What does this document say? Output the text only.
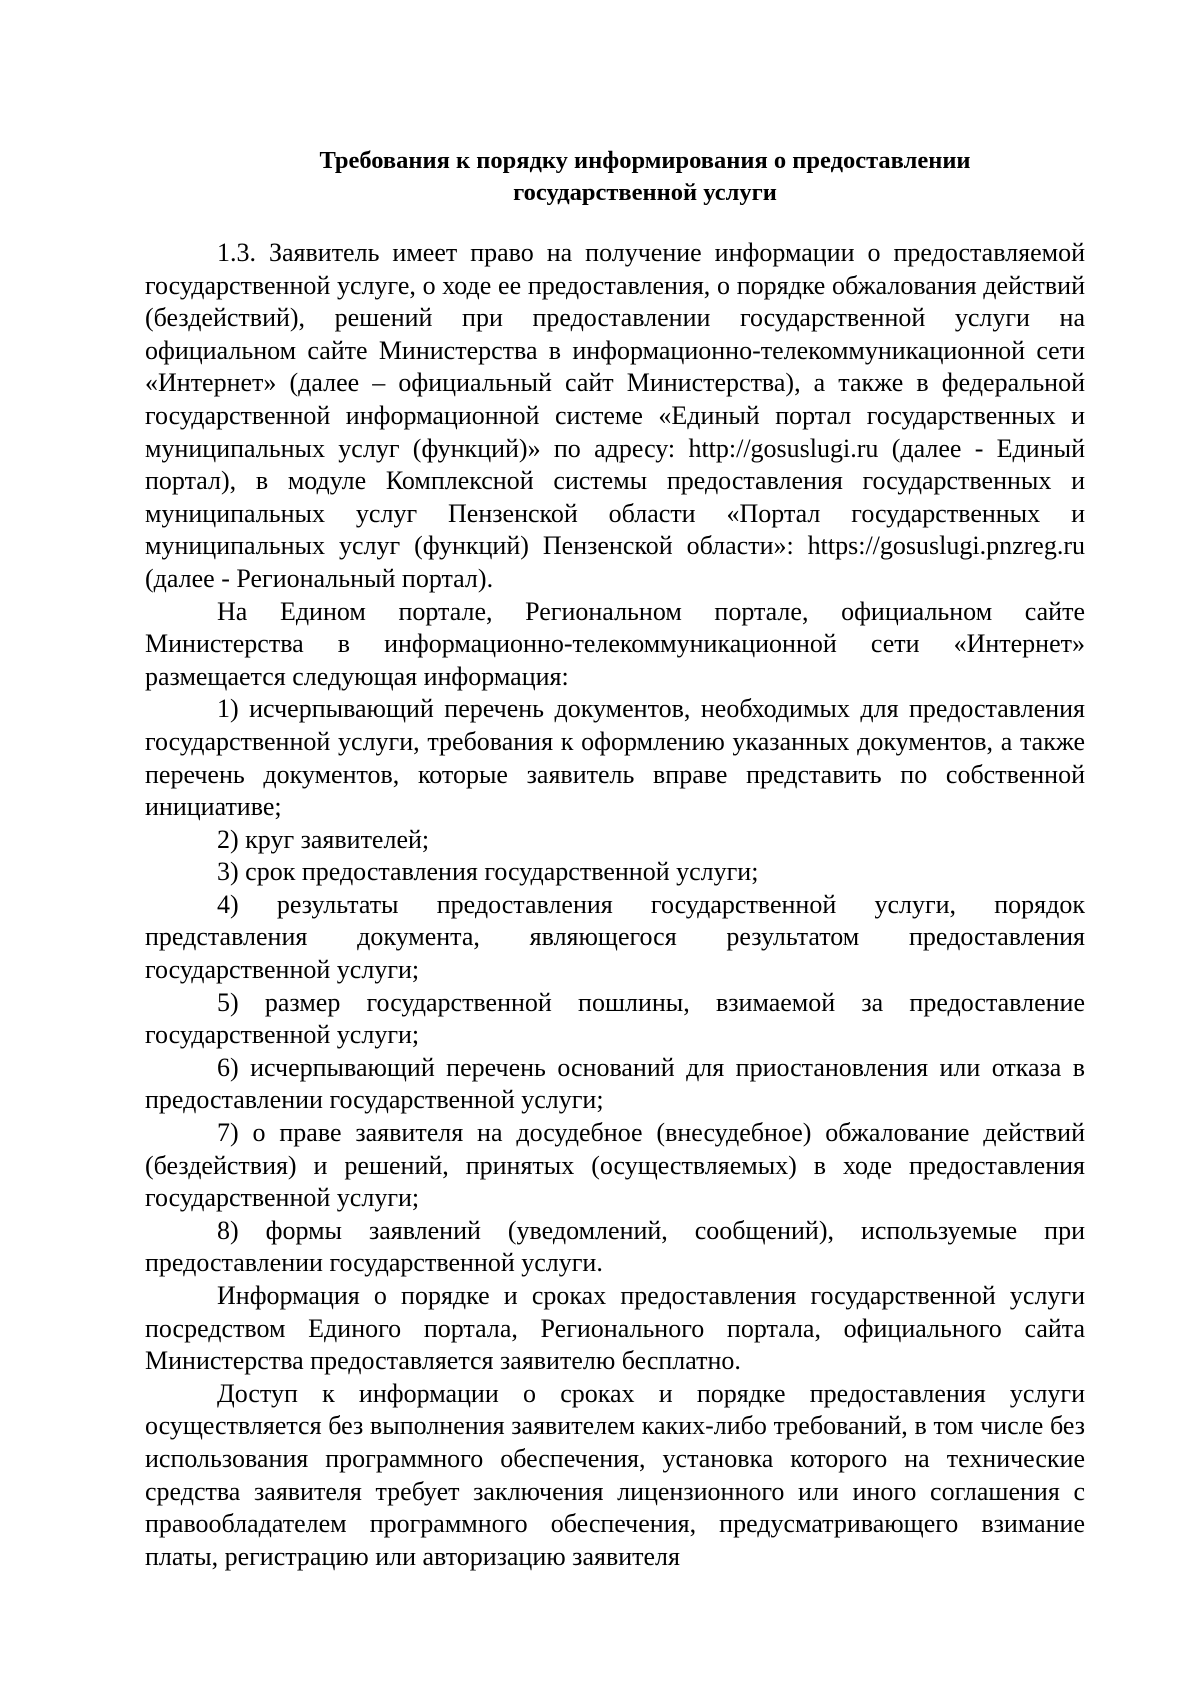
Требования к порядку информирования о предоставлении
государственной услуги

1.3. Заявитель имеет право на получение информации о предоставляемой государственной услуге, о ходе ее предоставления, о порядке обжалования действий (бездействий), решений при предоставлении государственной услуги на официальном сайте Министерства в информационно-телекоммуникационной сети «Интернет» (далее – официальный сайт Министерства), а также в федеральной государственной информационной системе «Единый портал государственных и муниципальных услуг (функций)» по адресу: http://gosuslugi.ru (далее - Единый портал), в модуле Комплексной системы предоставления государственных и муниципальных услуг Пензенской области «Портал государственных и муниципальных услуг (функций) Пензенской области»: https://gosuslugi.pnzreg.ru (далее - Региональный портал).

На Едином портале, Региональном портале, официальном сайте Министерства в информационно-телекоммуникационной сети «Интернет» размещается следующая информация:

1) исчерпывающий перечень документов, необходимых для предоставления государственной услуги, требования к оформлению указанных документов, а также перечень документов, которые заявитель вправе представить по собственной инициативе;

2) круг заявителей;

3) срок предоставления государственной услуги;

4) результаты предоставления государственной услуги, порядок представления документа, являющегося результатом предоставления государственной услуги;

5) размер государственной пошлины, взимаемой за предоставление государственной услуги;

6) исчерпывающий перечень оснований для приостановления или отказа в предоставлении государственной услуги;

7) о праве заявителя на досудебное (внесудебное) обжалование действий (бездействия) и решений, принятых (осуществляемых) в ходе предоставления государственной услуги;

8) формы заявлений (уведомлений, сообщений), используемые при предоставлении государственной услуги.

Информация о порядке и сроках предоставления государственной услуги посредством Единого портала, Регионального портала, официального сайта Министерства предоставляется заявителю бесплатно.

Доступ к информации о сроках и порядке предоставления услуги осуществляется без выполнения заявителем каких-либо требований, в том числе без использования программного обеспечения, установка которого на технические средства заявителя требует заключения лицензионного или иного соглашения с правообладателем программного обеспечения, предусматривающего взимание платы, регистрацию или авторизацию заявителя
